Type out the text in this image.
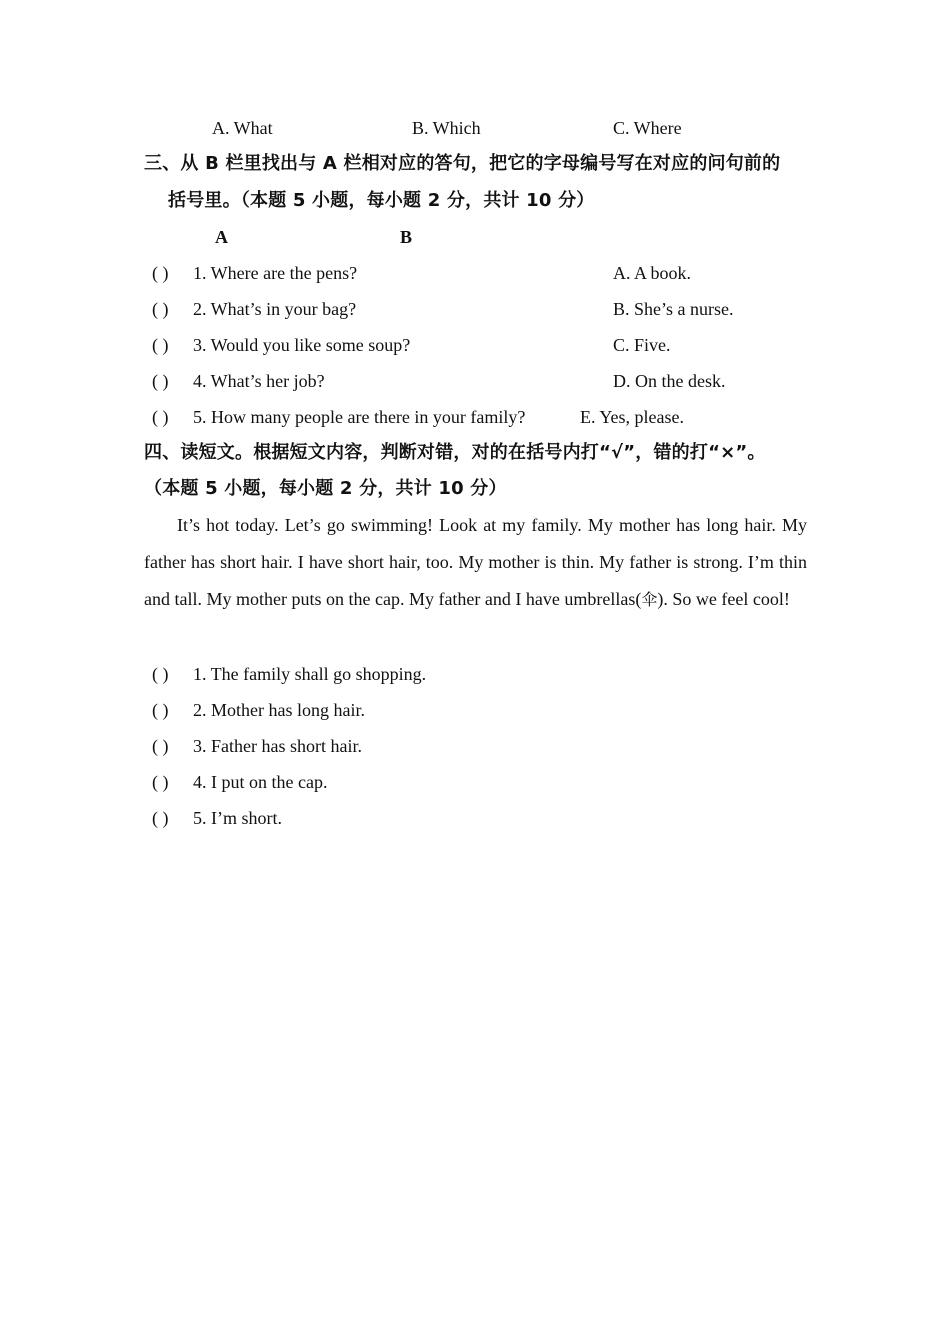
A. What	B. Which	C. Where
三、从 B 栏里找出与 A 栏相对应的答句，把它的字母编号写在对应的问句前的
括号里。（本题 5 小题，每小题 2 分，共计 10 分）
A	B
( ) 1. Where are the pens?	A. A book.
( ) 2. What’s in your bag?	B. She’s a nurse.
( ) 3. Would you like some soup?	C. Five.
( ) 4. What’s her job?	D. On the desk.
( ) 5. How many people are there in your family?	E. Yes, please.
四、读短文。根据短文内容，判断对错，对的在括号内打“√”，错的打“×”。
（本题 5 小题，每小题 2 分，共计 10 分）
It’s hot today. Let’s go swimming! Look at my family. My mother has long hair. My father has short hair. I have short hair, too. My mother is thin. My father is strong. I’m thin and tall. My mother puts on the cap. My father and I have umbrellas(伞). So we feel cool!
( ) 1. The family shall go shopping.
( ) 2. Mother has long hair.
( ) 3. Father has short hair.
( ) 4. I put on the cap.
( ) 5. I’m short.
